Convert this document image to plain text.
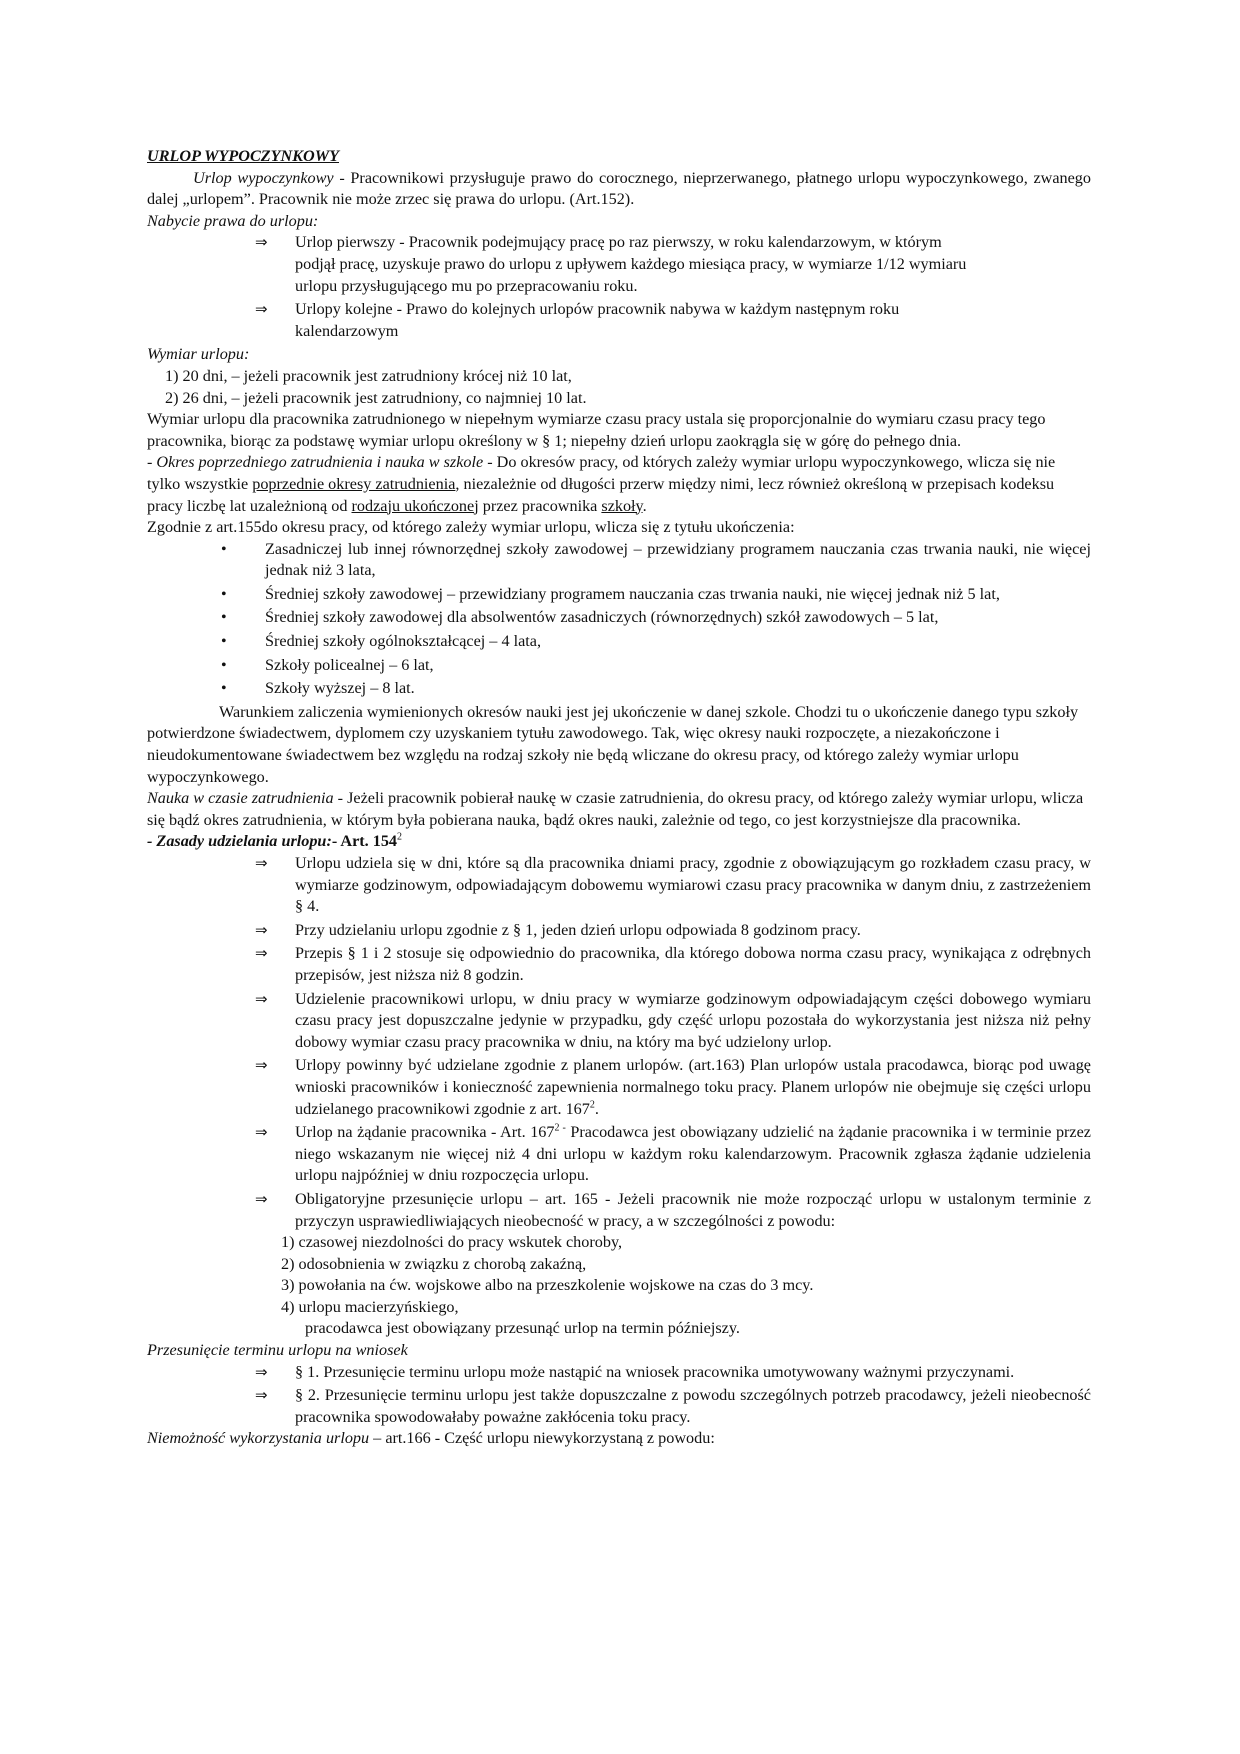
URLOP WYPOCZYNKOWY

Urlop wypoczynkowy - Pracownikowi przysługuje prawo do corocznego, nieprzerwanego, płatnego urlopu wypoczynkowego, zwanego dalej „urlopem”. Pracownik nie może zrzec się prawa do urlopu. (Art.152).

Nabycie prawa do urlopu:

⇒ Urlop pierwszy - Pracownik podejmujący pracę po raz pierwszy, w roku kalendarzowym, w którym podjął pracę, uzyskuje prawo do urlopu z upływem każdego miesiąca pracy, w wymiarze 1/12 wymiaru urlopu przysługującego mu po przepracowaniu roku.

⇒ Urlopy kolejne - Prawo do kolejnych urlopów pracownik nabywa w każdym następnym roku kalendarzowym

Wymiar urlopu:

1) 20 dni, – jeżeli pracownik jest zatrudniony krócej niż 10 lat,

2) 26 dni, – jeżeli pracownik jest zatrudniony, co najmniej 10 lat.

Wymiar urlopu dla pracownika zatrudnionego w niepełnym wymiarze czasu pracy ustala się proporcjonalnie do wymiaru czasu pracy tego pracownika, biorąc za podstawę wymiar urlopu określony w § 1; niepełny dzień urlopu zaokrągla się w górę do pełnego dnia.

- Okres poprzedniego zatrudnienia i nauka w szkole - Do okresów pracy, od których zależy wymiar urlopu wypoczynkowego, wlicza się nie tylko wszystkie poprzednie okresy zatrudnienia, niezależnie od długości przerw między nimi, lecz również określoną w przepisach kodeksu pracy liczbę lat uzależnioną od rodzaju ukończonej przez pracownika szkoły.

Zgodnie z art.155do okresu pracy, od którego zależy wymiar urlopu, wlicza się z tytułu ukończenia:

• Zasadniczej lub innej równorzędnej szkoły zawodowej – przewidziany programem nauczania czas trwania nauki, nie więcej jednak niż 3 lata,

• Średniej szkoły zawodowej – przewidziany programem nauczania czas trwania nauki, nie więcej jednak niż 5 lat,

• Średniej szkoły zawodowej dla absolwentów zasadniczych (równorzędnych) szkół zawodowych – 5 lat,

• Średniej szkoły ogólnokształcącej – 4 lata,

• Szkoły policealnej – 6 lat,

• Szkoły wyższej – 8 lat.

Warunkiem zaliczenia wymienionych okresów nauki jest jej ukończenie w danej szkole. Chodzi tu o ukończenie danego typu szkoły potwierdzone świadectwem, dyplomem czy uzyskaniem tytułu zawodowego. Tak, więc okresy nauki rozpoczęte, a niezakończone i nieudokumentowane świadectwem bez względu na rodzaj szkoły nie będą wliczane do okresu pracy, od którego zależy wymiar urlopu wypoczynkowego.

Nauka w czasie zatrudnienia - Jeżeli pracownik pobierał naukę w czasie zatrudnienia, do okresu pracy, od którego zależy wymiar urlopu, wlicza się bądź okres zatrudnienia, w którym była pobierana nauka, bądź okres nauki, zależnie od tego, co jest korzystniejsze dla pracownika.

- Zasady udzielania urlopu:- Art. $154^2$

⇒ Urlopu udziela się w dni, które są dla pracownika dniami pracy, zgodnie z obowiązującym go rozkładem czasu pracy, w wymiarze godzinowym, odpowiadającym dobowemu wymiarowi czasu pracy pracownika w danym dniu, z zastrzeżeniem § 4.

⇒ Przy udzielaniu urlopu zgodnie z § 1, jeden dzień urlopu odpowiada 8 godzinom pracy.

⇒ Przepis § 1 i 2 stosuje się odpowiednio do pracownika, dla którego dobowa norma czasu pracy, wynikająca z odrębnych przepisów, jest niższa niż 8 godzin.

⇒ Udzielenie pracownikowi urlopu, w dniu pracy w wymiarze godzinowym odpowiadającym części dobowego wymiaru czasu pracy jest dopuszczalne jedynie w przypadku, gdy część urlopu pozostała do wykorzystania jest niższa niż pełny dobowy wymiar czasu pracy pracownika w dniu, na który ma być udzielony urlop.

⇒ Urlopy powinny być udzielane zgodnie z planem urlopów. (art.163) Plan urlopów ustala pracodawca, biorąc pod uwagę wnioski pracowników i konieczność zapewnienia normalnego toku pracy. Planem urlopów nie obejmuje się części urlopu udzielanego pracownikowi zgodnie z art. $167^2$.

⇒ Urlop na żądanie pracownika - Art. $167^{2 -}$ Pracodawca jest obowiązany udzielić na żądanie pracownika i w terminie przez niego wskazanym nie więcej niż 4 dni urlopu w każdym roku kalendarzowym. Pracownik zgłasza żądanie udzielenia urlopu najpóźniej w dniu rozpoczęcia urlopu.

⇒ Obligatoryjne przesunięcie urlopu – art. 165 - Jeżeli pracownik nie może rozpocząć urlopu w ustalonym terminie z przyczyn usprawiedliwiających nieobecność w pracy, a w szczególności z powodu:

1) czasowej niezdolności do pracy wskutek choroby,

2) odosobnienia w związku z chorobą zakaźną,

3) powołania na ćw. wojskowe albo na przeszkolenie wojskowe na czas do 3 mcy.

4) urlopu macierzyńskiego,

pracodawca jest obowiązany przesunąć urlop na termin późniejszy.

Przesunięcie terminu urlopu na wniosek

⇒ § 1. Przesunięcie terminu urlopu może nastąpić na wniosek pracownika umotywowany ważnymi przyczynami.

⇒ § 2. Przesunięcie terminu urlopu jest także dopuszczalne z powodu szczególnych potrzeb pracodawcy, jeżeli nieobecność pracownika spowodowałaby poważne zakłócenia toku pracy.

Niemożność wykorzystania urlopu – art.166 - Część urlopu niewykorzystaną z powodu:
